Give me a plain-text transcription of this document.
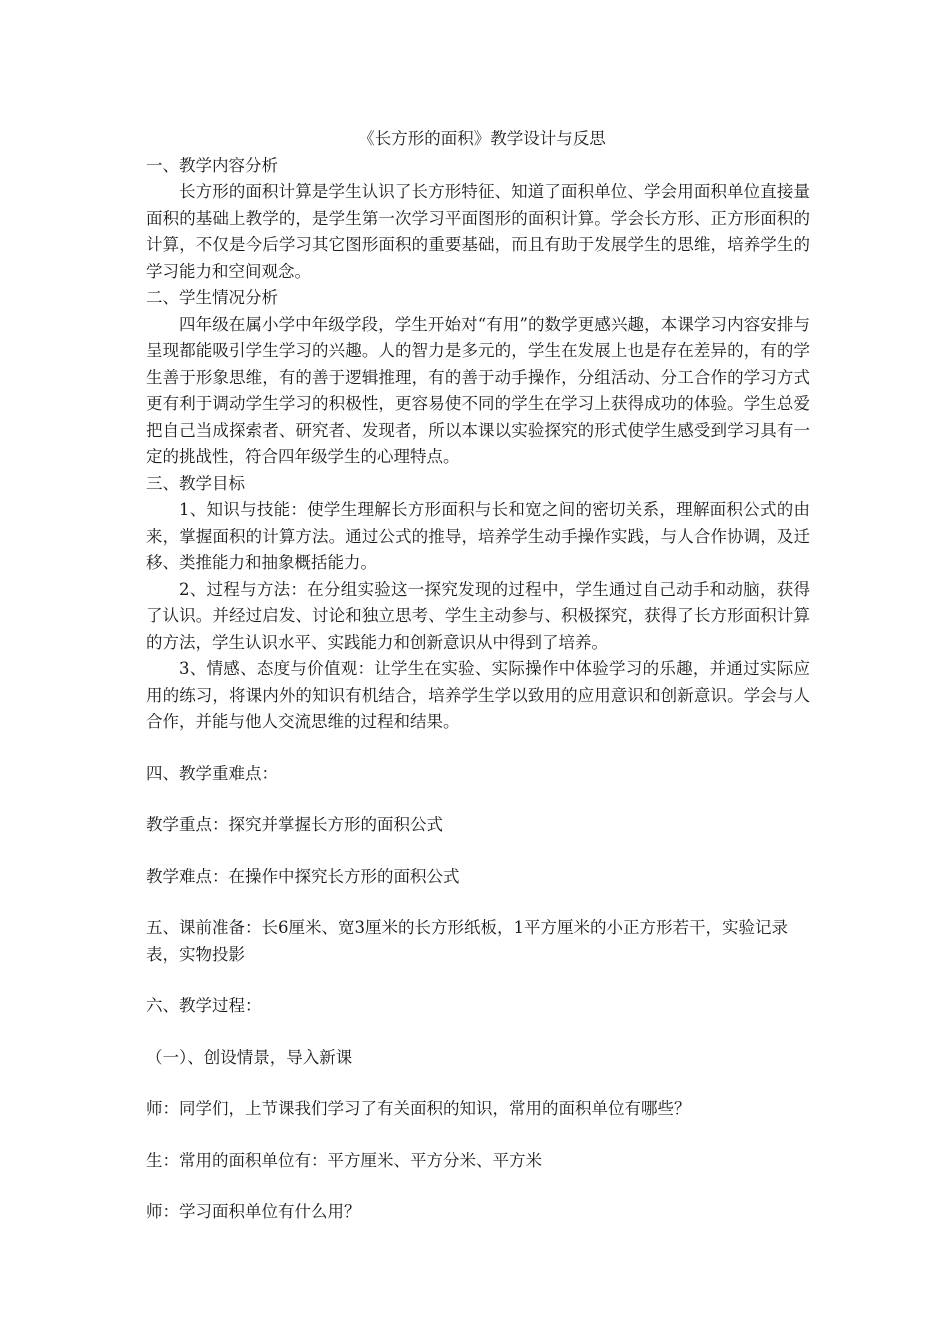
《长方形的面积》教学设计与反思

一、教学内容分析

长方形的面积计算是学生认识了长方形特征、知道了面积单位、学会用面积单位直接量面积的基础上教学的，是学生第一次学习平面图形的面积计算。学会长方形、正方形面积的计算，不仅是今后学习其它图形面积的重要基础，而且有助于发展学生的思维，培养学生的学习能力和空间观念。

二、学生情况分析

四年级在属小学中年级学段，学生开始对“有用”的数学更感兴趣，本课学习内容安排与呈现都能吸引学生学习的兴趣。人的智力是多元的，学生在发展上也是存在差异的，有的学生善于形象思维，有的善于逻辑推理，有的善于动手操作，分组活动、分工合作的学习方式更有利于调动学生学习的积极性，更容易使不同的学生在学习上获得成功的体验。学生总爱把自己当成探索者、研究者、发现者，所以本课以实验探究的形式使学生感受到学习具有一定的挑战性，符合四年级学生的心理特点。

三、教学目标

1、知识与技能：使学生理解长方形面积与长和宽之间的密切关系，理解面积公式的由来，掌握面积的计算方法。通过公式的推导，培养学生动手操作实践，与人合作协调，及迁移、类推能力和抽象概括能力。

2、过程与方法：在分组实验这一探究发现的过程中，学生通过自己动手和动脑，获得了认识。并经过启发、讨论和独立思考、学生主动参与、积极探究，获得了长方形面积计算的方法，学生认识水平、实践能力和创新意识从中得到了培养。

3、情感、态度与价值观：让学生在实验、实际操作中体验学习的乐趣，并通过实际应用的练习，将课内外的知识有机结合，培养学生学以致用的应用意识和创新意识。学会与人合作，并能与他人交流思维的过程和结果。

四、教学重难点：

教学重点：探究并掌握长方形的面积公式

教学难点：在操作中探究长方形的面积公式

五、课前准备：长6厘米、宽3厘米的长方形纸板，1平方厘米的小正方形若干，实验记录表，实物投影

六、教学过程：

（一）、创设情景，导入新课

师：同学们，上节课我们学习了有关面积的知识，常用的面积单位有哪些？

生：常用的面积单位有：平方厘米、平方分米、平方米

师：学习面积单位有什么用？
